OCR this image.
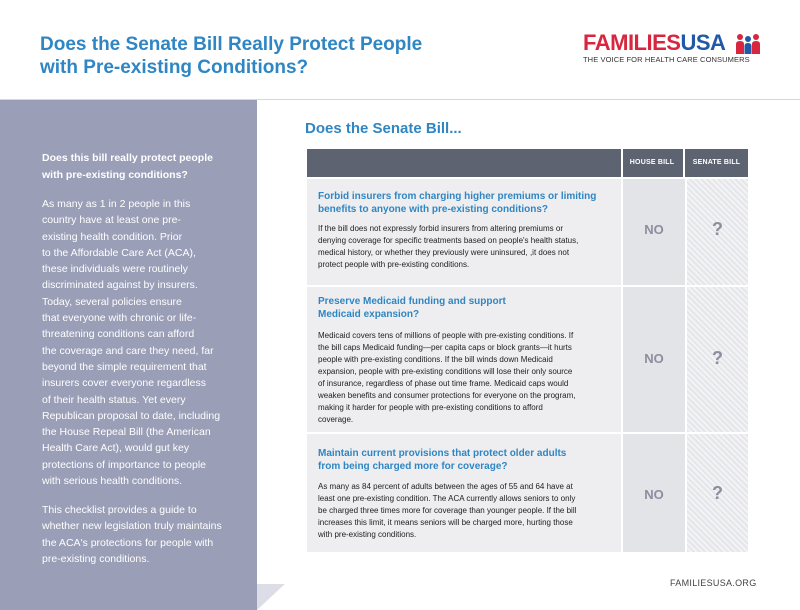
Does the Senate Bill Really Protect People
with Pre-existing Conditions?
FAMILIESUSA
THE VOICE FOR HEALTH CARE CONSUMERS
Does this bill really protect people
with pre-existing conditions?
As many as 1 in 2 people in this
country have at least one pre-
existing health condition. Prior
to the Affordable Care Act (ACA),
these individuals were routinely
discriminated against by insurers.
Today, several policies ensure
that everyone with chronic or life-
threatening conditions can afford
the coverage and care they need, far
beyond the simple requirement that
insurers cover everyone regardless
of their health status. Yet every
Republican proposal to date, including
the House Repeal Bill (the American
Health Care Act), would gut key
protections of importance to people
with serious health conditions.
This checklist provides a guide to
whether new legislation truly maintains
the ACA's protections for people with
pre-existing conditions.
Does the Senate Bill...
HOUSE BILL	SENATE BILL
Forbid insurers from charging higher premiums or limiting
benefits to anyone with pre-existing conditions?
If the bill does not expressly forbid insurers from altering premiums or
denying coverage for specific treatments based on people's health status,
medical history, or whether they previously were uninsured, ,it does not
protect people with pre-existing conditions.
NO	?
Preserve Medicaid funding and support
Medicaid expansion?
Medicaid covers tens of millions of people with pre-existing conditions. If
the bill caps Medicaid funding—per capita caps or block grants—it hurts
people with pre-existing conditions. If the bill winds down Medicaid
expansion, people with pre-existing conditions will lose their only source
of insurance, regardless of phase out time frame. Medicaid caps would
weaken benefits and consumer protections for everyone on the program,
making it harder for people with pre-existing conditions to afford
coverage.
NO	?
Maintain current provisions that protect older adults
from being charged more for coverage?
As many as 84 percent of adults between the ages of 55 and 64 have at
least one pre-existing condition. The ACA currently allows seniors to only
be charged three times more for coverage than younger people. If the bill
increases this limit, it means seniors will be charged more, hurting those
with pre-existing conditions.
NO	?
FAMILIESUSA.ORG
